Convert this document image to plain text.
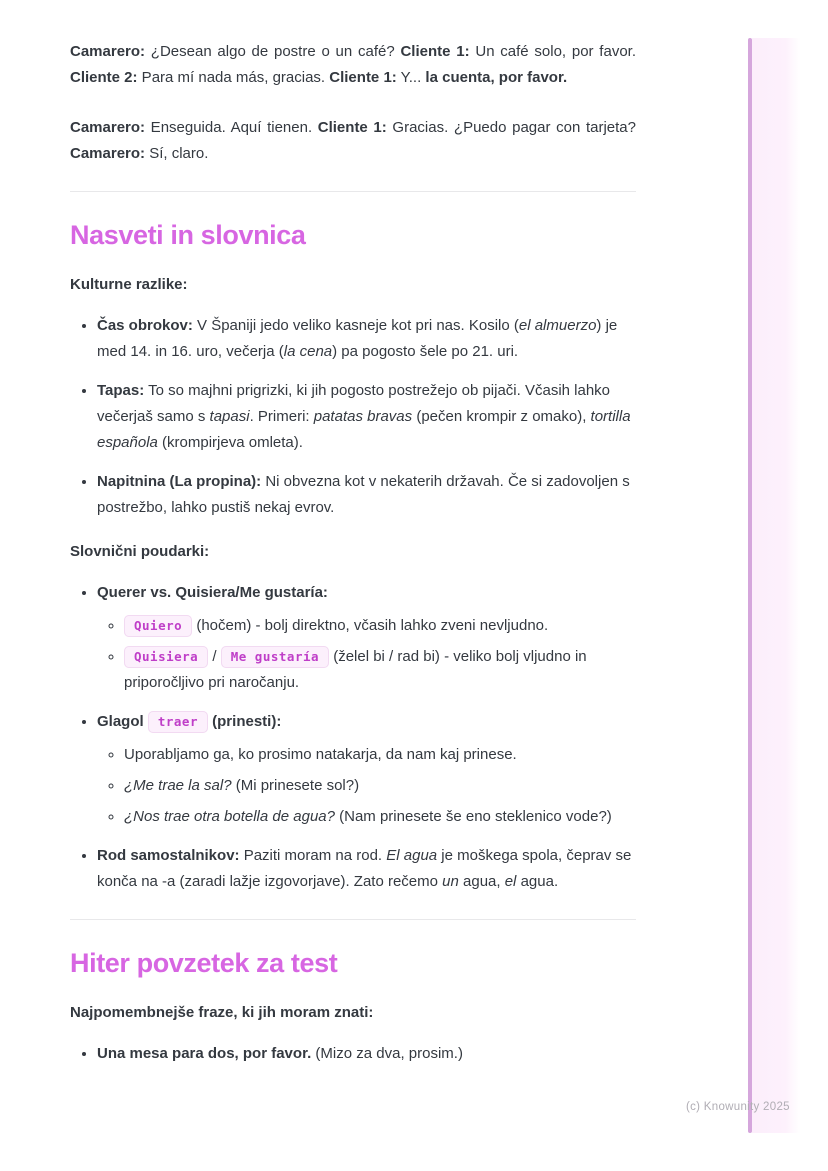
Camarero: ¿Desean algo de postre o un café? Cliente 1: Un café solo, por favor. Cliente 2: Para mí nada más, gracias. Cliente 1: Y... la cuenta, por favor.

Camarero: Enseguida. Aquí tienen. Cliente 1: Gracias. ¿Puedo pagar con tarjeta? Camarero: Sí, claro.

Nasveti in slovnica

Kulturne razlike:

• Čas obrokov: V Španiji jedo veliko kasneje kot pri nas. Kosilo (el almuerzo) je med 14. in 16. uro, večerja (la cena) pa pogosto šele po 21. uri.
• Tapas: To so majhni prigrizki, ki jih pogosto postrežejo ob pijači. Včasih lahko večerjaš samo s tapasi. Primeri: patatas bravas (pečen krompir z omako), tortilla española (krompirjeva omleta).
• Napitnina (La propina): Ni obvezna kot v nekaterih državah. Če si zadovoljen s postrežbo, lahko pustiš nekaj evrov.

Slovnični poudarki:

• Querer vs. Quisiera/Me gustaría:
◦ Quiero (hočem) - bolj direktno, včasih lahko zveni nevljudno.
◦ Quisiera / Me gustaría (želel bi / rad bi) - veliko bolj vljudno in priporočljivo pri naročanju.
• Glagol traer (prinesti):
◦ Uporabljamo ga, ko prosimo natakarja, da nam kaj prinese.
◦ ¿Me trae la sal? (Mi prinesete sol?)
◦ ¿Nos trae otra botella de agua? (Nam prinesete še eno steklenico vode?)
• Rod samostalnikov: Paziti moram na rod. El agua je moškega spola, čeprav se konča na -a (zaradi lažje izgovorjave). Zato rečemo un agua, el agua.
Hiter povzetek za test

Najpomembnejše fraze, ki jih moram znati:

• Una mesa para dos, por favor. (Mizo za dva, prosim.)
(c) Knowunity 2025
